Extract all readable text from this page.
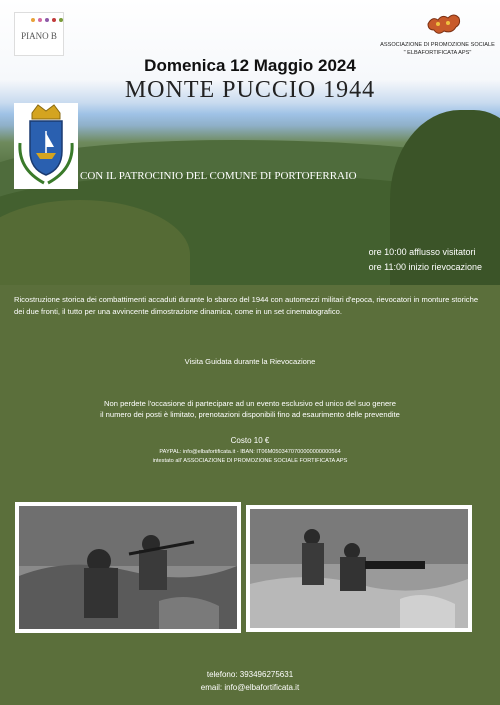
PIANO B
ASSOCIAZIONE DI PROMOZIONE SOCIALE
" ELBAFORTIFICATA APS"
Domenica 12 Maggio 2024
MONTE PUCCIO 1944
CON IL PATROCINIO DEL COMUNE DI PORTOFERRAIO
ore 10:00 afflusso visitatori
ore 11:00 inizio rievocazione
Ricostruzione storica dei combattimenti accaduti durante lo sbarco del 1944 con automezzi militari d'epoca, rievocatori in monture storiche dei due fronti, il tutto per una avvincente dimostrazione dinamica, come in un set cinematografico.
Visita Guidata durante la Rievocazione
Non perdete l'occasione di partecipare ad un evento esclusivo ed unico del suo genere
il numero dei posti è limitato, prenotazioni disponibili fino ad esaurimento delle prevendite
Costo 10 €
PAYPAL: info@elbafortificata.it - IBAN: IT06M0503470700000000000564
intestato all' ASSOCIAZIONE DI PROMOZIONE SOCIALE FORTIFICATA APS
telefono: 393496275631
email: info@elbafortificata.it
